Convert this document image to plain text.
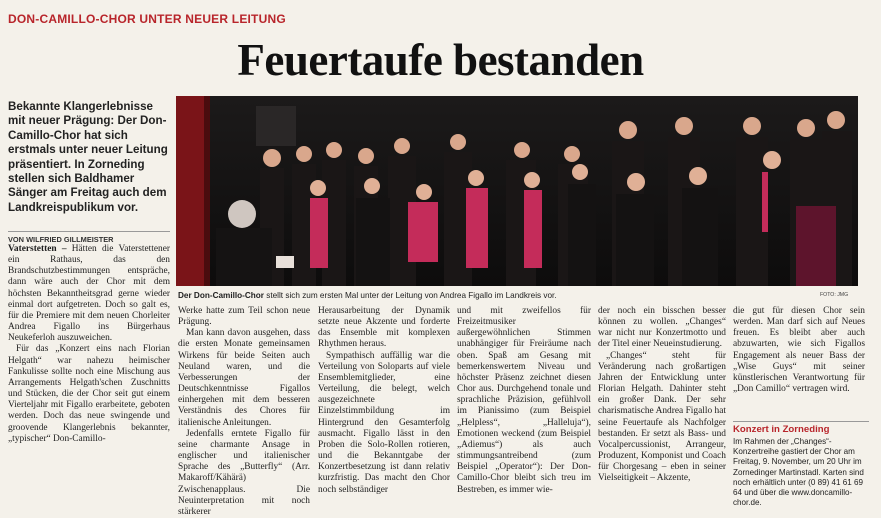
DON-CAMILLO-CHOR UNTER NEUER LEITUNG
Feuertaufe bestanden

Bekannte Klangerlebnisse mit neuer Prägung: Der Don-Camillo-Chor hat sich erstmals unter neuer Leitung präsentiert. In Zorneding stellen sich Baldhamer Sänger am Freitag auch dem Landkreispublikum vor.

VON WILFRIED GILLMEISTER
Der Don-Camillo-Chor stellt sich zum ersten Mal unter der Leitung von Andrea Figallo im Landkreis vor.	FOTO: JMG

Vaterstetten – Hätten die Vaterstettener ein Rathaus, das den Brandschutzbestimmungen entspräche, dann wäre auch der Chor mit dem höchsten Bekanntheitsgrad gerne wieder einmal dort aufgetreten. Doch so galt es, für die Premiere mit dem neuen Chorleiter Andrea Figallo ins Bürgerhaus Neukeferloh auszuweichen.

Für das „Konzert eins nach Florian Helgath“ war nahezu heimischer Fankulisse sollte noch eine Mischung aus Arrangements Helgath'schen Zuschnitts und Stücken, die der Chor seit gut einem Vierteljahr mit Figallo erarbeitete, geboten werden. Doch das neue swingende und groovende Klangerlebnis bekannter, „typischer“ Don-Camillo-

Werke hatte zum Teil schon neue Prägung.

Man kann davon ausgehen, dass die ersten Monate gemeinsamen Wirkens für beide Seiten auch Neuland waren, und die Verbesserungen der Deutschkenntnisse Figallos einhergehen mit dem besseren Verständnis des Chores für italienische Anleitungen.

Jedenfalls erntete Figallo für seine charmante Ansage in englischer und italienischer Sprache des „Butterfly“ (Arr. Makaroff/Kähärä) Zwischenapplaus. Die Neuinterpretation mit noch stärkerer

Herausarbeitung der Dynamik setzte neue Akzente und forderte das Ensemble mit komplexen Rhythmen heraus.

Sympathisch auffällig war die Verteilung von Soloparts auf viele Ensemblemitglieder, eine Verteilung, die belegt, welch ausgezeichnete Einzelstimmbildung im Hintergrund den Gesamterfolg ausmacht. Figallo lässt in den Proben die Solo-Rollen rotieren, und die Bekanntgabe der Konzertbesetzung ist dann relativ kurzfristig. Das macht den Chor noch selbständiger

und mit zweifellos für Freizeitmusiker außergewöhnlichen Stimmen unabhängiger für Freiräume nach oben. Spaß am Gesang mit bemerkenswertem Niveau und höchster Präsenz zeichnet diesen Chor aus. Durchgehend tonale und sprachliche Präzision, gefühlvoll im Pianissimo (zum Beispiel „Helpless“, „Halleluja“), Emotionen weckend (zum Beispiel „Adiemus“) als auch stimmungsantreibend (zum Beispiel „Operator“): Der Don-Camillo-Chor bleibt sich treu im Bestreben, es immer wie-

der noch ein bisschen besser können zu wollen. „Changes“ war nicht nur Konzertmotto und der Titel einer Neueinstudierung.

„Changes“ steht für Veränderung nach großartigen Jahren der Entwicklung unter Florian Helgath. Dahinter steht ein großer Dank. Der sehr charismatische Andrea Figallo hat seine Feuertaufe als Nachfolger bestanden. Er setzt als Bass- und Vocalpercussionist, Arrangeur, Produzent, Komponist und Coach für Chorgesang – eben in seiner Vielseitigkeit – Akzente,

die gut für diesen Chor sein werden. Man darf sich auf Neues freuen. Es bleibt aber auch abzuwarten, wie sich Figallos Engagement als neuer Bass der „Wise Guys“ mit seiner künstlerischen Verantwortung für „Don Camillo“ vertragen wird.

Konzert in Zorneding

Im Rahmen der „Changes“-Konzertreihe gastiert der Chor am Freitag, 9. November, um 20 Uhr im Zornedinger Martinstadl. Karten sind noch erhältlich unter (0 89) 41 61 69 64 und über die www.doncamillo-chor.de.
